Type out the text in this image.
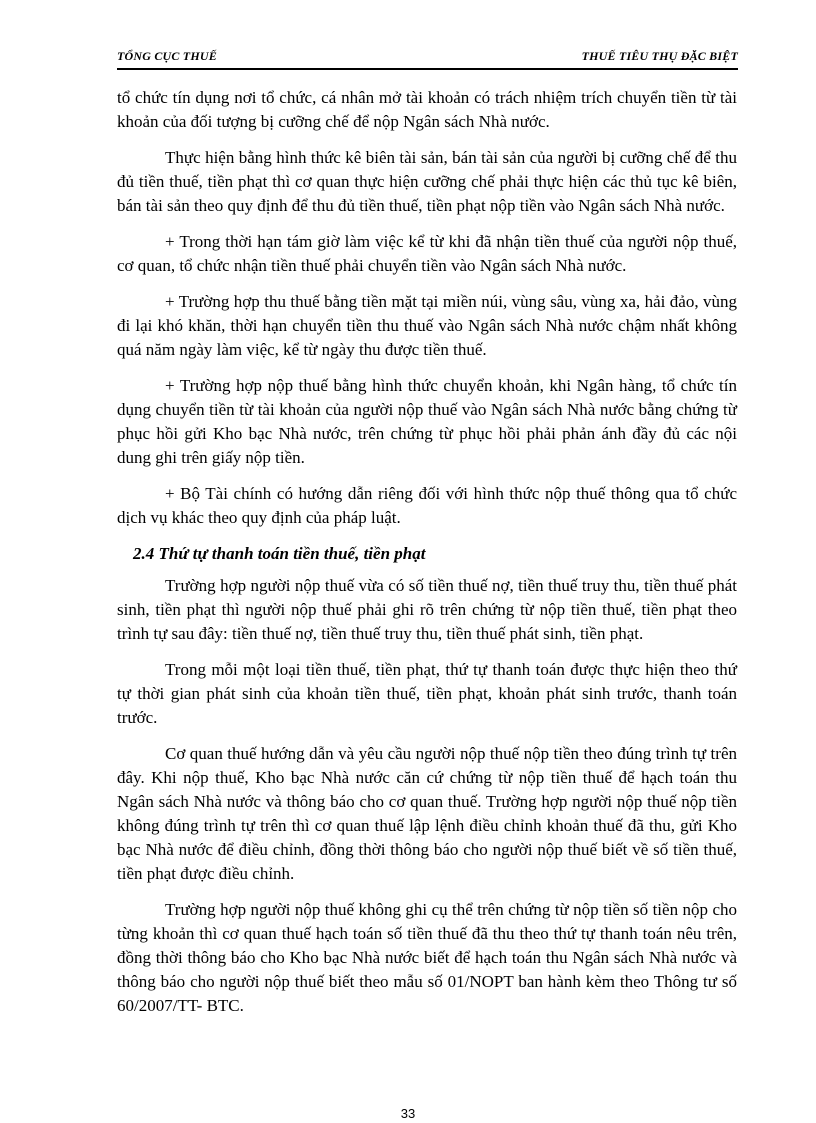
TỔNG CỤC THUẾ	THUẾ TIÊU THỤ ĐẶC BIỆT

tổ chức tín dụng nơi tổ chức, cá nhân mở tài khoản có trách nhiệm trích chuyển tiền từ tài khoản của đối tượng bị cưỡng chế để nộp Ngân sách Nhà nước.

Thực hiện bằng hình thức kê biên tài sản, bán tài sản của người bị cưỡng chế để thu đủ tiền thuế, tiền phạt thì cơ quan thực hiện cưỡng chế phải thực hiện các thủ tục kê biên, bán tài sản theo quy định để thu đủ tiền thuế, tiền phạt nộp tiền vào Ngân sách Nhà nước.

+ Trong thời hạn tám giờ làm việc kể từ khi đã nhận tiền thuế của người nộp thuế, cơ quan, tổ chức nhận tiền thuế phải chuyển tiền vào Ngân sách Nhà nước.

+ Trường hợp thu thuế bằng tiền mặt tại miền núi, vùng sâu, vùng xa, hải đảo, vùng đi lại khó khăn, thời hạn chuyển tiền thu thuế vào Ngân sách Nhà nước chậm nhất không quá năm ngày làm việc, kể từ ngày thu được tiền thuế.

+ Trường hợp nộp thuế bằng hình thức chuyển khoản, khi Ngân hàng, tổ chức tín dụng chuyển tiền từ tài khoản của người nộp thuế vào Ngân sách Nhà nước bằng chứng từ phục hồi gửi Kho bạc Nhà nước, trên chứng từ phục hồi phải phản ánh đầy đủ các nội dung ghi trên giấy nộp tiền.

+ Bộ Tài chính có hướng dẫn riêng đối với hình thức nộp thuế thông qua tổ chức dịch vụ khác theo quy định của pháp luật.

2.4 Thứ tự thanh toán tiền thuế, tiền phạt

Trường hợp người nộp thuế vừa có số tiền thuế nợ, tiền thuế truy thu, tiền thuế phát sinh, tiền phạt thì người nộp thuế phải ghi rõ trên chứng từ nộp tiền thuế, tiền phạt theo trình tự sau đây: tiền thuế nợ, tiền thuế truy thu, tiền thuế phát sinh, tiền phạt.

Trong mỗi một loại tiền thuế, tiền phạt, thứ tự thanh toán được thực hiện theo thứ tự thời gian phát sinh của khoản tiền thuế, tiền phạt, khoản phát sinh trước, thanh toán trước.

Cơ quan thuế hướng dẫn và yêu cầu người nộp thuế nộp tiền theo đúng trình tự trên đây. Khi nộp thuế, Kho bạc Nhà nước căn cứ chứng từ nộp tiền thuế để hạch toán thu Ngân sách Nhà nước và thông báo cho cơ quan thuế. Trường hợp người nộp thuế nộp tiền không đúng trình tự trên thì cơ quan thuế lập lệnh điều chỉnh khoản thuế đã thu, gửi Kho bạc Nhà nước để điều chỉnh, đồng thời thông báo cho người nộp thuế biết về số tiền thuế, tiền phạt được điều chỉnh.

Trường hợp người nộp thuế không ghi cụ thể trên chứng từ nộp tiền số tiền nộp cho từng khoản thì cơ quan thuế hạch toán số tiền thuế đã thu theo thứ tự thanh toán nêu trên, đồng thời thông báo cho Kho bạc Nhà nước biết để hạch toán thu Ngân sách Nhà nước và thông báo cho người nộp thuế biết theo mẫu số 01/NOPT ban hành kèm theo Thông tư số 60/2007/TT- BTC.

33
